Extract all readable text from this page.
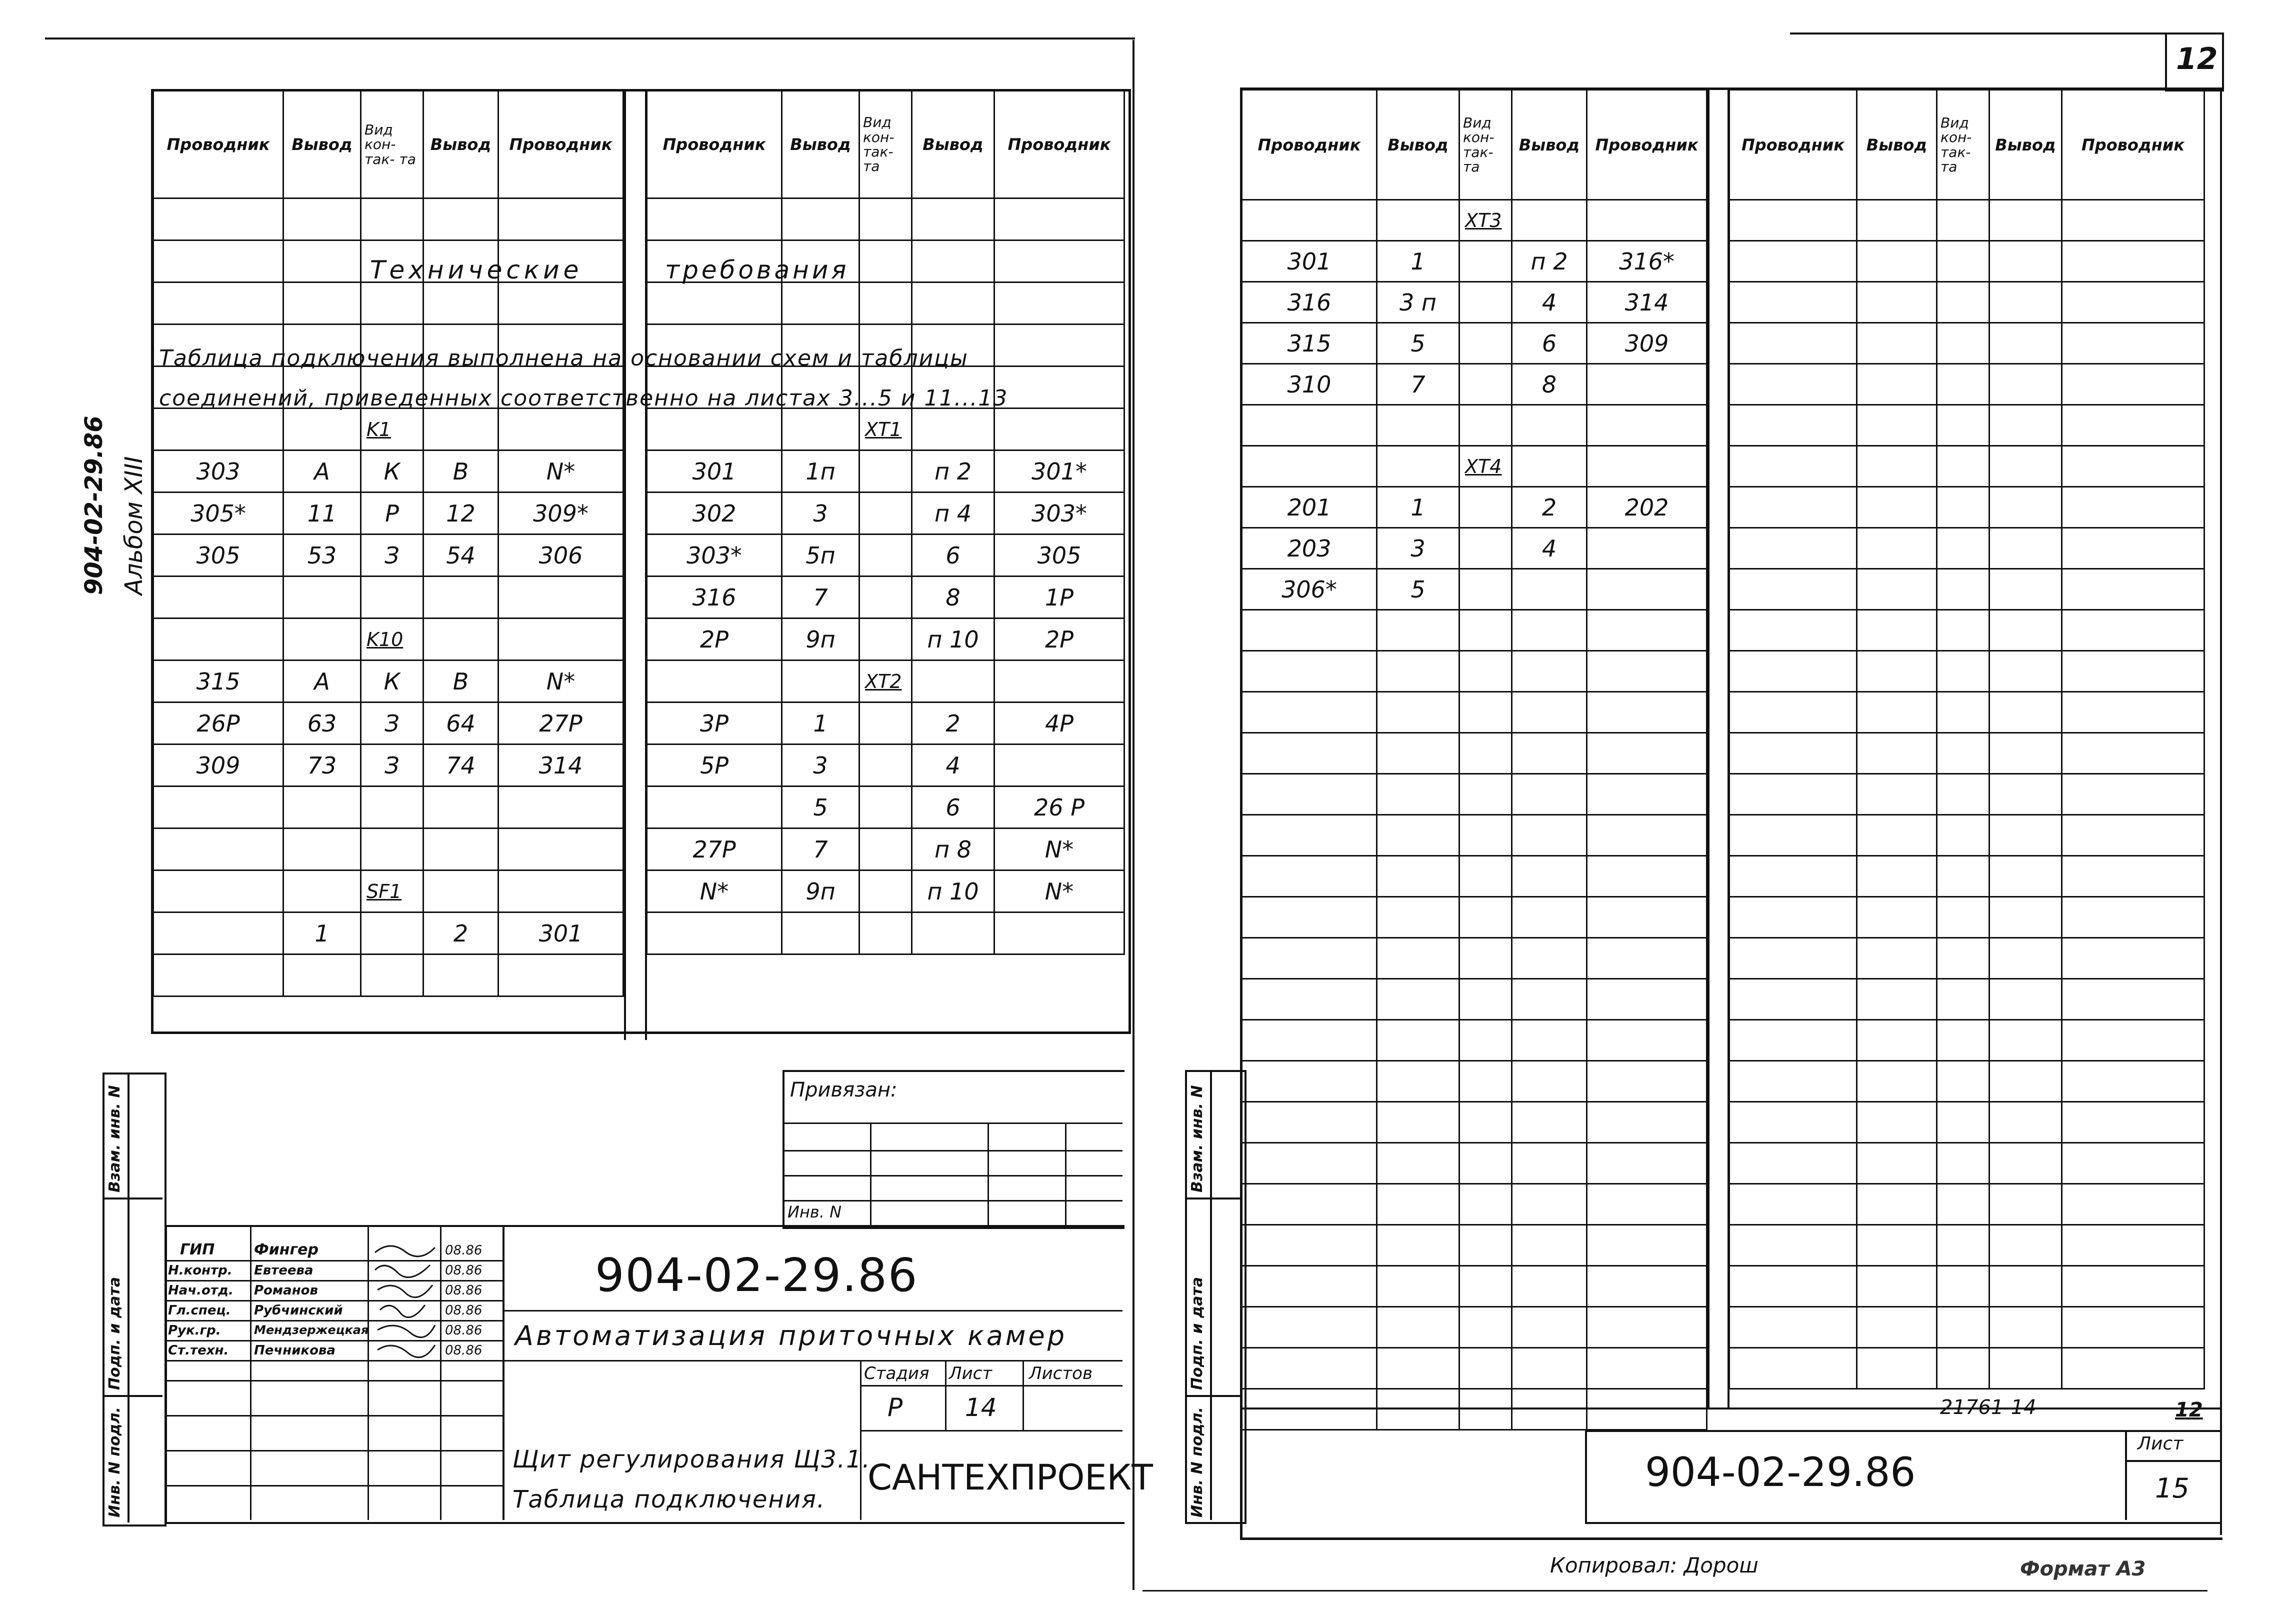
904-02-29.86 Альбом XIII
Проводник	Вывод	Вид кон- так- та	Вывод	Проводник

		K1		
303	А	К	В	N*
305*	11	Р	12	309*
305	53	З	54	306

		K10		
315	А	К	В	N*
26Р	63	З	64	27Р
309	73	З	74	314

		SF1		
	1		2	301

Проводник	Вывод	Вид кон- так- та	Вывод	Проводник

		XT1		
301	1п		п 2	301*
302	3		п 4	303*
303*	5п		6	305
316	7		8	1Р
2Р	9п		п 10	2Р
		XT2		
3Р	1		2	4Р
5Р	3		4	
	5		6	26 Р
27Р	7		п 8	N*
N*	9п		п 10	N*

Технические	требования
Таблица подключения выполнена на основании схем и таблицы
соединений, приведенных соответственно на листах 3...5 и 11...13
Взам. инв. N
Подп. и дата
Инв. N подл.
Привязан:
Инв. N
ГИП
Н.контр.
Нач.отд.
Гл.спец.
Рук.гр.
Ст.техн.
Фингер
Евтеева
Романов
Рубчинский
Мендзержецкая
Печникова
08.86
08.86
08.86
08.86
08.86
08.86
904-02-29.86
Автоматизация приточных камер
Стадия Лист Листов
Р 14
Щит регулирования Щ3.1.
Таблица подключения.
САНТЕХПРОЕКТ
12
Проводник	Вывод	Вид кон- так- та	Вывод	Проводник
		XT3		
301	1		п 2	316*
316	3 п		4	314
315	5		6	309
310	7		8	

		XT4		
201	1		2	202
203	3		4	
306*	5			

Проводник	Вывод	Вид кон- так- та	Вывод	Проводник

Взам. инв. N
Подп. и дата
Инв. N подл.	21761-14	12
904-02-29.86
Лист
15
Копировал: Дорош	Формат А3
